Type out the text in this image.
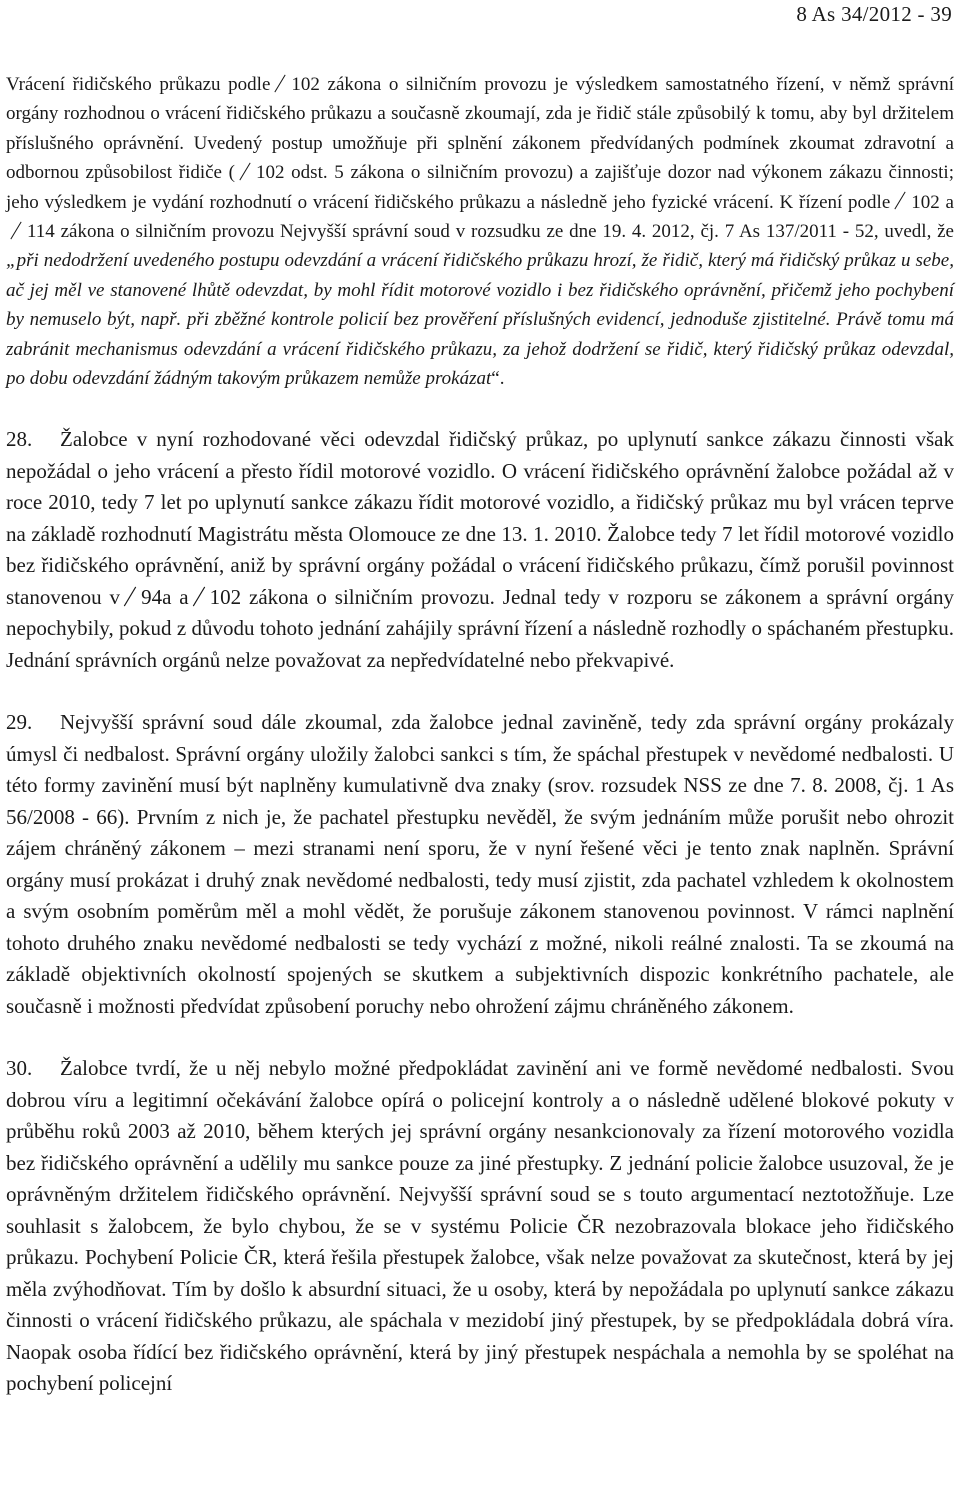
8 As 34/2012 - 39

Vrácení řidičského průkazu podle 102 zákona o silničním provozu je výsledkem samostatného řízení, v němž správní orgány rozhodnou o vrácení řidičského průkazu a současně zkoumají, zda je řidič stále způsobilý k tomu, aby byl držitelem příslušného oprávnění. Uvedený postup umožňuje při splnění zákonem předvídaných podmínek zkoumat zdravotní a odbornou způsobilost řidiče ( 102 odst. 5 zákona o silničním provozu) a zajišťuje dozor nad výkonem zákazu činnosti; jeho výsledkem je vydání rozhodnutí o vrácení řidičského průkazu a následně jeho fyzické vrácení. K řízení podle 102 a
114 zákona o silničním provozu Nejvyšší správní soud v rozsudku ze dne 19. 4. 2012, čj. 7 As 137/2011 - 52, uvedl, že „při nedodržení uvedeného postupu odevzdání a vrácení řidičského průkazu hrozí, že řidič, který má řidičský průkaz u sebe, ač jej měl ve stanovené lhůtě odevzdat, by mohl řídit motorové vozidlo i bez řidičského oprávnění, přičemž jeho pochybení by nemuselo být, např. při zběžné kontrole policií bez prověření příslušných evidencí, jednoduše zjistitelné. Právě tomu má zabránit mechanismus odevzdání a vrácení řidičského průkazu, za jehož dodržení se řidič, který řidičský průkaz odevzdal, po dobu odevzdání žádným takovým průkazem nemůže prokázat“.

28. Žalobce v nyní rozhodované věci odevzdal řidičský průkaz, po uplynutí sankce zákazu činnosti však nepožádal o jeho vrácení a přesto řídil motorové vozidlo. O vrácení řidičského oprávnění žalobce požádal až v roce 2010, tedy 7 let po uplynutí sankce zákazu řídit motorové vozidlo, a řidičský průkaz mu byl vrácen teprve na základě rozhodnutí Magistrátu města Olomouce ze dne 13. 1. 2010. Žalobce tedy 7 let řídil motorové vozidlo bez řidičského oprávnění, aniž by správní orgány požádal o vrácení řidičského průkazu, čímž porušil povinnost stanovenou v 94a a 102 zákona o silničním provozu. Jednal tedy v rozporu se zákonem a správní orgány nepochybily, pokud z důvodu tohoto jednání zahájily správní řízení a následně rozhodly o spáchaném přestupku. Jednání správních orgánů nelze považovat za nepředvídatelné nebo překvapivé.

29. Nejvyšší správní soud dále zkoumal, zda žalobce jednal zaviněně, tedy zda správní orgány prokázaly úmysl či nedbalost. Správní orgány uložily žalobci sankci s tím, že spáchal přestupek v nevědomé nedbalosti. U této formy zavinění musí být naplněny kumulativně dva znaky (srov. rozsudek NSS ze dne 7. 8. 2008, čj. 1 As 56/2008 - 66). Prvním z nich je, že pachatel přestupku nevěděl, že svým jednáním může porušit nebo ohrozit zájem chráněný zákonem – mezi stranami není sporu, že v nyní řešené věci je tento znak naplněn. Správní orgány musí prokázat i druhý znak nevědomé nedbalosti, tedy musí zjistit, zda pachatel vzhledem k okolnostem a svým osobním poměrům měl a mohl vědět, že porušuje zákonem stanovenou povinnost. V rámci naplnění tohoto druhého znaku nevědomé nedbalosti se tedy vychází z možné, nikoli reálné znalosti. Ta se zkoumá na základě objektivních okolností spojených se skutkem a subjektivních dispozic konkrétního pachatele, ale současně i možnosti předvídat způsobení poruchy nebo ohrožení zájmu chráněného zákonem.

30. Žalobce tvrdí, že u něj nebylo možné předpokládat zavinění ani ve formě nevědomé nedbalosti. Svou dobrou víru a legitimní očekávání žalobce opírá o policejní kontroly a o následně udělené blokové pokuty v průběhu roků 2003 až 2010, během kterých jej správní orgány nesankcionovaly za řízení motorového vozidla bez řidičského oprávnění a udělily mu sankce pouze za jiné přestupky. Z jednání policie žalobce usuzoval, že je oprávněným držitelem řidičského oprávnění. Nejvyšší správní soud se s touto argumentací neztotožňuje. Lze souhlasit s žalobcem, že bylo chybou, že se v systému Policie ČR nezobrazovala blokace jeho řidičského průkazu. Pochybení Policie ČR, která řešila přestupek žalobce, však nelze považovat za skutečnost, která by jej měla zvýhodňovat. Tím by došlo k absurdní situaci, že u osoby, která by nepožádala po uplynutí sankce zákazu činnosti o vrácení řidičského průkazu, ale spáchala v mezidobí jiný přestupek, by se předpokládala dobrá víra. Naopak osoba řídící bez řidičského oprávnění, která by jiný přestupek nespáchala a nemohla by se spoléhat na pochybení policejní
